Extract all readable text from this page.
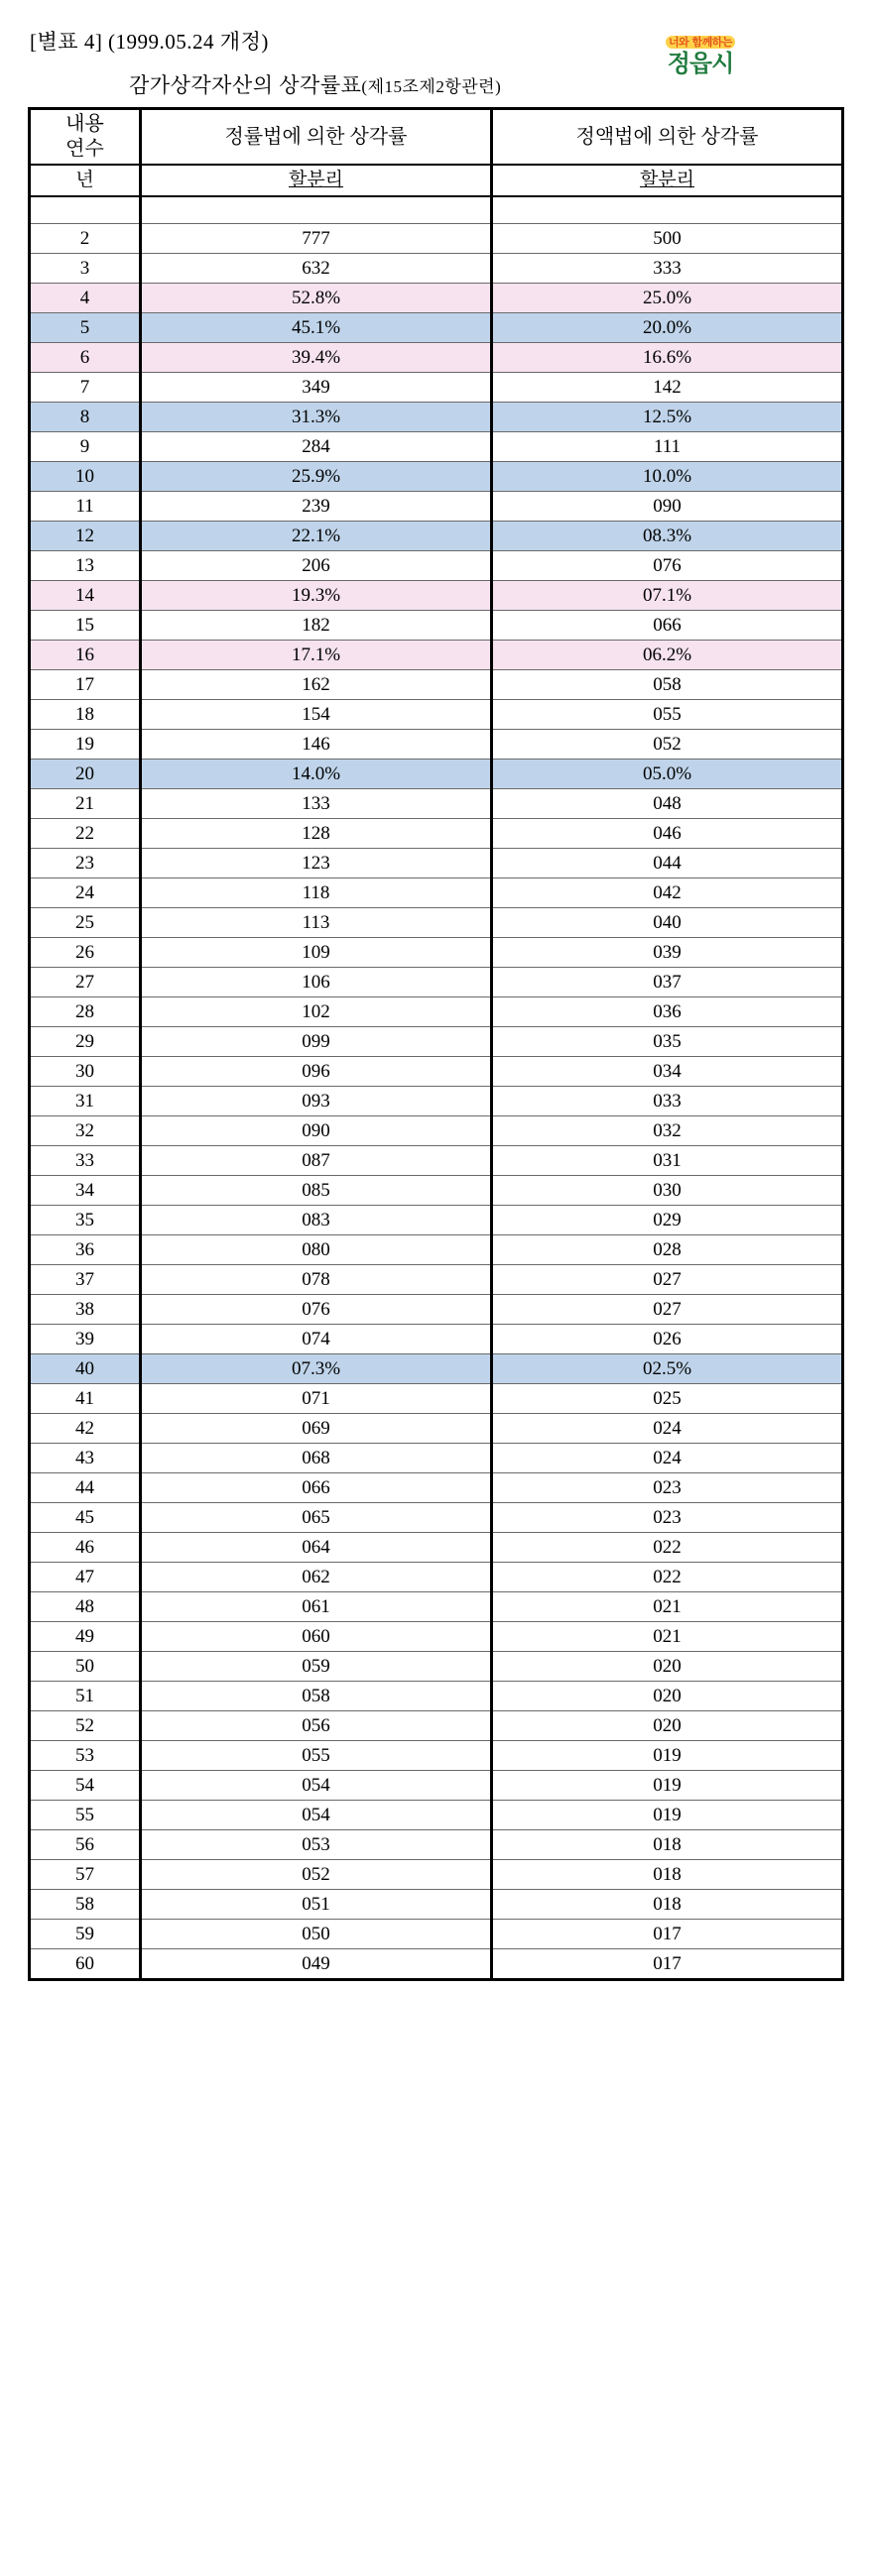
[별표 4] (1999.05.24 개정)
감가상각자산의 상각률표(제15조제2항관련)
너와 함께하는
정읍시
내용
연수	정률법에 의한 상각률	정액법에 의한 상각률
년	할분리	할분리

2	777	500
3	632	333
4	52.8%	25.0%
5	45.1%	20.0%
6	39.4%	16.6%
7	349	142
8	31.3%	12.5%
9	284	111
10	25.9%	10.0%
11	239	090
12	22.1%	08.3%
13	206	076
14	19.3%	07.1%
15	182	066
16	17.1%	06.2%
17	162	058
18	154	055
19	146	052
20	14.0%	05.0%
21	133	048
22	128	046
23	123	044
24	118	042
25	113	040
26	109	039
27	106	037
28	102	036
29	099	035
30	096	034
31	093	033
32	090	032
33	087	031
34	085	030
35	083	029
36	080	028
37	078	027
38	076	027
39	074	026
40	07.3%	02.5%
41	071	025
42	069	024
43	068	024
44	066	023
45	065	023
46	064	022
47	062	022
48	061	021
49	060	021
50	059	020
51	058	020
52	056	020
53	055	019
54	054	019
55	054	019
56	053	018
57	052	018
58	051	018
59	050	017
60	049	017
